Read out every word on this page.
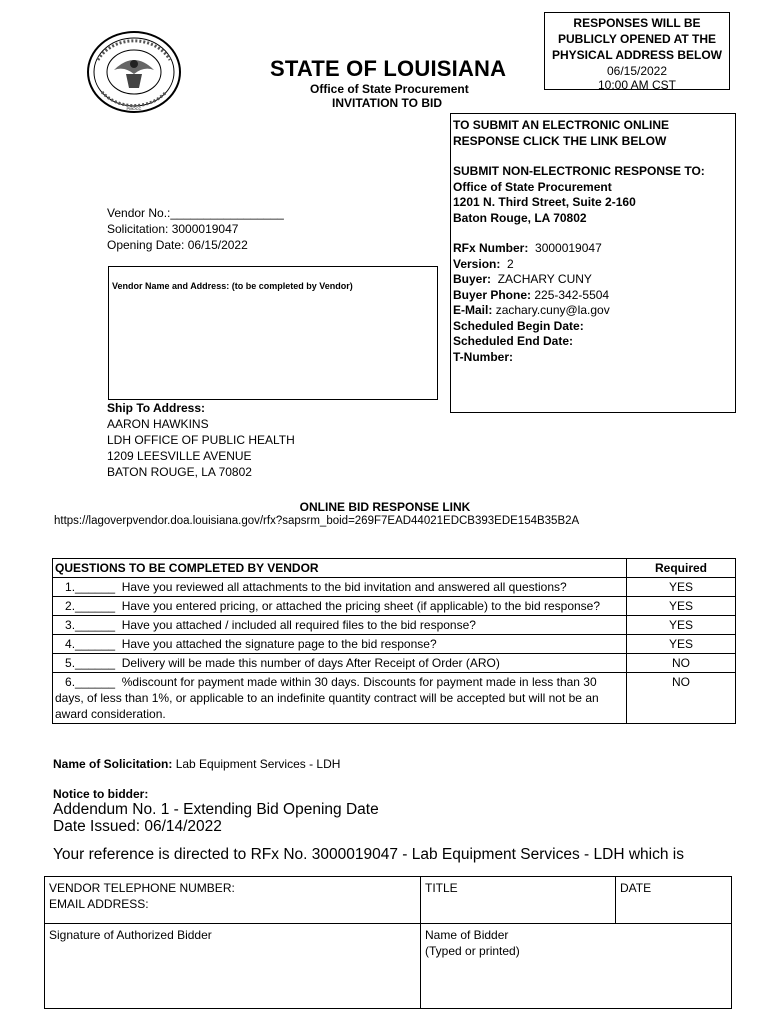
PMOCC
RESPONSES WILL BE
PUBLICLY OPENED AT THE
PHYSICAL ADDRESS BELOW
06/15/2022
10:00 AM CST
STATE OF LOUISIANA
Office of State Procurement
INVITATION TO BID
TO SUBMIT AN ELECTRONIC ONLINE
RESPONSE CLICK THE LINK BELOW
SUBMIT NON-ELECTRONIC RESPONSE TO:
Office of State Procurement
1201 N. Third Street, Suite 2-160
Baton Rouge, LA 70802
RFx Number: 3000019047
Version: 2
Buyer: ZACHARY CUNY
Buyer Phone: 225-342-5504
E-Mail: zachary.cuny@la.gov
Scheduled Begin Date:
Scheduled End Date:
T-Number:
Vendor No.:_________________
Solicitation: 3000019047
Opening Date: 06/15/2022
Vendor Name and Address: (to be completed by Vendor)
Ship To Address:
AARON HAWKINS
LDH OFFICE OF PUBLIC HEALTH
1209 LEESVILLE AVENUE
BATON ROUGE, LA 70802
ONLINE BID RESPONSE LINK
https://lagoverpvendor.doa.louisiana.gov/rfx?sapsrm_boid=269F7EAD44021EDCB393EDE154B35B2A
QUESTIONS TO BE COMPLETED BY VENDOR	Required
1.______  Have you reviewed all attachments to the bid invitation and answered all questions?	YES
2.______  Have you entered pricing, or attached the pricing sheet (if applicable) to the bid response?	YES
3.______  Have you attached / included all required files to the bid response?	YES
4.______  Have you attached the signature page to the bid response?	YES
5.______  Delivery will be made this number of days After Receipt of Order (ARO)	NO
6.______  %discount for payment made within 30 days. Discounts for payment made in less than 30 days, of less than 1%, or applicable to an indefinite quantity contract will be accepted but will not be an award consideration.	NO
Name of Solicitation: Lab Equipment Services - LDH
Notice to bidder:
Addendum No. 1 - Extending Bid Opening Date
Date Issued: 06/14/2022
Your reference is directed to RFx No. 3000019047 - Lab Equipment Services - LDH which is
VENDOR TELEPHONE NUMBER:
EMAIL ADDRESS:	TITLE	DATE
Signature of Authorized Bidder	Name of Bidder
(Typed or printed)	
